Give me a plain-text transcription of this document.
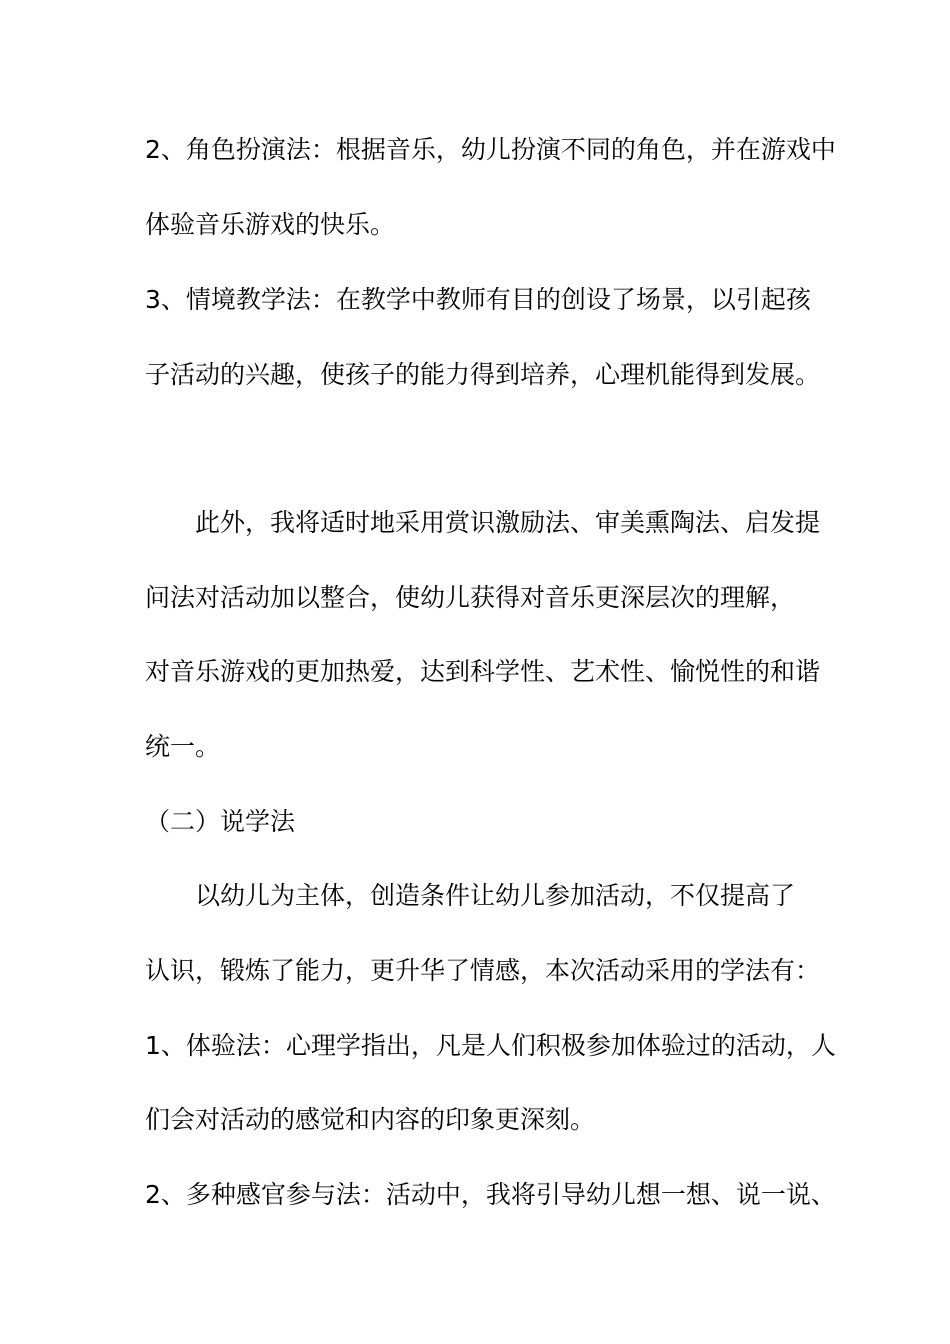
2、角色扮演法：根据音乐，幼儿扮演不同的角色，并在游戏中
体验音乐游戏的快乐。
3、情境教学法：在教学中教师有目的创设了场景，以引起孩
子活动的兴趣，使孩子的能力得到培养，心理机能得到发展。
此外，我将适时地采用赏识激励法、审美熏陶法、启发提
问法对活动加以整合，使幼儿获得对音乐更深层次的理解，
对音乐游戏的更加热爱，达到科学性、艺术性、愉悦性的和谐
统一。
（二）说学法
以幼儿为主体，创造条件让幼儿参加活动，不仅提高了
认识，锻炼了能力，更升华了情感，本次活动采用的学法有：
1、体验法：心理学指出，凡是人们积极参加体验过的活动，人
们会对活动的感觉和内容的印象更深刻。
2、多种感官参与法：活动中，我将引导幼儿想一想、说一说、
